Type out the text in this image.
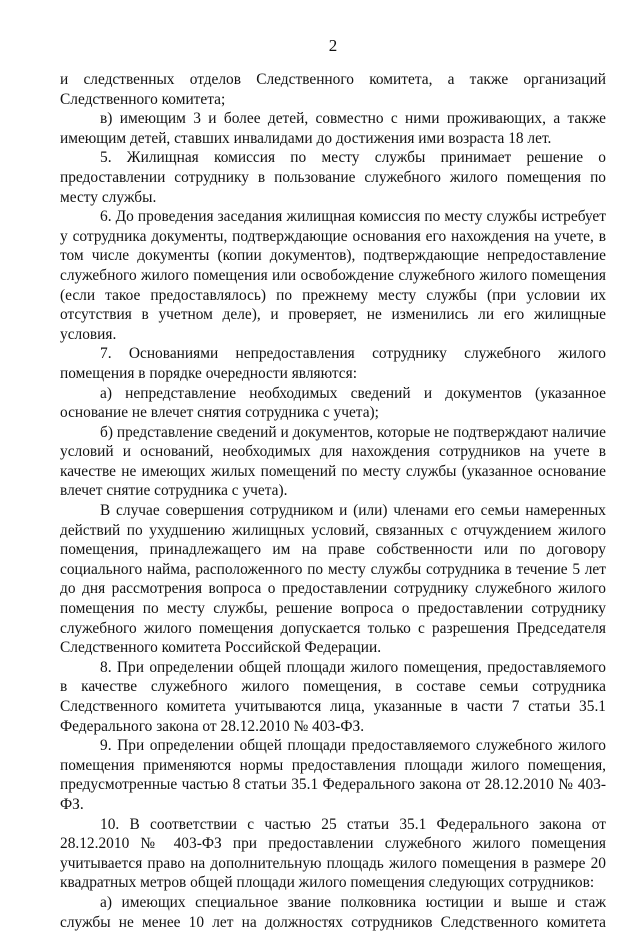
2

и следственных отделов Следственного комитета, а также организаций Следственного комитета;

в) имеющим 3 и более детей, совместно с ними проживающих, а также имеющим детей, ставших инвалидами до достижения ими возраста 18 лет.

5. Жилищная комиссия по месту службы принимает решение о предоставлении сотруднику в пользование служебного жилого помещения по месту службы.

6. До проведения заседания жилищная комиссия по месту службы истребует у сотрудника документы, подтверждающие основания его нахождения на учете, в том числе документы (копии документов), подтверждающие непредоставление служебного жилого помещения или освобождение служебного жилого помещения (если такое предоставлялось) по прежнему месту службы (при условии их отсутствия в учетном деле), и проверяет, не изменились ли его жилищные условия.

7. Основаниями непредоставления сотруднику служебного жилого помещения в порядке очередности являются:

а) непредставление необходимых сведений и документов (указанное основание не влечет снятия сотрудника с учета);

б) представление сведений и документов, которые не подтверждают наличие условий и оснований, необходимых для нахождения сотрудников на учете в качестве не имеющих жилых помещений по месту службы (указанное основание влечет снятие сотрудника с учета).

В случае совершения сотрудником и (или) членами его семьи намеренных действий по ухудшению жилищных условий, связанных с отчуждением жилого помещения, принадлежащего им на праве собственности или по договору социального найма, расположенного по месту службы сотрудника в течение 5 лет до дня рассмотрения вопроса о предоставлении сотруднику служебного жилого помещения по месту службы, решение вопроса о предоставлении сотруднику служебного жилого помещения допускается только с разрешения Председателя Следственного комитета Российской Федерации.

8. При определении общей площади жилого помещения, предоставляемого в качестве служебного жилого помещения, в составе семьи сотрудника Следственного комитета учитываются лица, указанные в части 7 статьи 35.1 Федерального закона от 28.12.2010 № 403-ФЗ.

9. При определении общей площади предоставляемого служебного жилого помещения применяются нормы предоставления площади жилого помещения, предусмотренные частью 8 статьи 35.1 Федерального закона от 28.12.2010 № 403-ФЗ.

10. В соответствии с частью 25 статьи 35.1 Федерального закона от 28.12.2010 № 403-ФЗ при предоставлении служебного жилого помещения учитывается право на дополнительную площадь жилого помещения в размере 20 квадратных метров общей площади жилого помещения следующих сотрудников:

а) имеющих специальное звание полковника юстиции и выше и стаж службы не менее 10 лет на должностях сотрудников Следственного комитета
